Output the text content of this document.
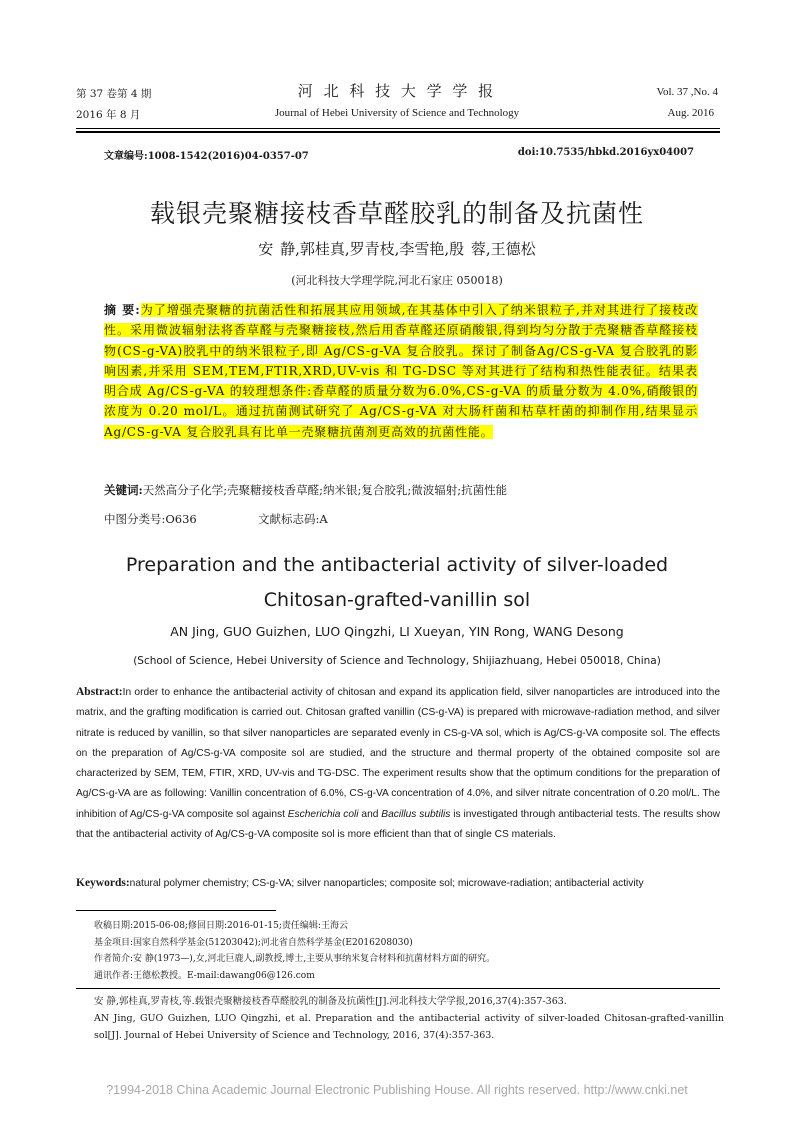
第 37 卷第 4 期
2016 年 8 月
河 北 科 技 大 学 学 报
Journal of Hebei University of Science and Technology
Vol. 37 ,No. 4
Aug. 2016
文章编号:1008-1542(2016)04-0357-07	doi:10.7535/hbkd.2016yx04007
载银壳聚糖接枝香草醛胶乳的制备及抗菌性
安 静,郭桂真,罗青枝,李雪艳,殷 蓉,王德松
(河北科技大学理学院,河北石家庄 050018)

摘 要:为了增强壳聚糖的抗菌活性和拓展其应用领域,在其基体中引入了纳米银粒子,并对其进行了接枝改性。采用微波辐射法将香草醛与壳聚糖接枝,然后用香草醛还原硝酸银,得到均匀分散于壳聚糖香草醛接枝物(CS-g-VA)胶乳中的纳米银粒子,即 Ag/CS-g-VA 复合胶乳。探讨了制备Ag/CS-g-VA 复合胶乳的影响因素,并采用 SEM,TEM,FTIR,XRD,UV-vis 和 TG-DSC 等对其进行了结构和热性能表征。结果表明合成 Ag/CS-g-VA 的较理想条件:香草醛的质量分数为6.0%,CS-g-VA 的质量分数为 4.0%,硝酸银的浓度为 0.20 mol/L。通过抗菌测试研究了 Ag/CS-g-VA 对大肠杆菌和枯草杆菌的抑制作用,结果显示 Ag/CS-g-VA 复合胶乳具有比单一壳聚糖抗菌剂更高效的抗菌性能。

关键词:天然高分子化学;壳聚糖接枝香草醛;纳米银;复合胶乳;微波辐射;抗菌性能
中图分类号:O636	文献标志码:A
Preparation and the antibacterial activity of silver-loaded
Chitosan-grafted-vanillin sol
AN Jing, GUO Guizhen, LUO Qingzhi, LI Xueyan, YIN Rong, WANG Desong
(School of Science, Hebei University of Science and Technology, Shijiazhuang, Hebei 050018, China)

Abstract:In order to enhance the antibacterial activity of chitosan and expand its application field, silver nanoparticles are introduced into the matrix, and the grafting modification is carried out. Chitosan grafted vanillin (CS-g-VA) is prepared with microwave-radiation method, and silver nitrate is reduced by vanillin, so that silver nanoparticles are separated evenly in CS-g-VA sol, which is Ag/CS-g-VA composite sol. The effects on the preparation of Ag/CS-g-VA composite sol are studied, and the structure and thermal property of the obtained composite sol are characterized by SEM, TEM, FTIR, XRD, UV-vis and TG-DSC. The experiment results show that the optimum conditions for the preparation of Ag/CS-g-VA are as following: Vanillin concentration of 6.0%, CS-g-VA concentration of 4.0%, and silver nitrate concentration of 0.20 mol/L. The inhibition of Ag/CS-g-VA composite sol against Escherichia coli and Bacillus subtilis is investigated through antibacterial tests. The results show that the antibacterial activity of Ag/CS-g-VA composite sol is more efficient than that of single CS materials.

Keywords:natural polymer chemistry; CS-g-VA; silver nanoparticles; composite sol; microwave-radiation; antibacterial activity
收稿日期:2015-06-08;修回日期:2016-01-15;责任编辑:王海云
基金项目:国家自然科学基金(51203042);河北省自然科学基金(E2016208030)
作者简介:安 静(1973—),女,河北巨鹿人,副教授,博士,主要从事纳米复合材料和抗菌材料方面的研究。
通讯作者:王德松教授。E-mail:dawang06@126.com
安 静,郭桂真,罗青枝,等.载银壳聚糖接枝香草醛胶乳的制备及抗菌性[J].河北科技大学学报,2016,37(4):357-363.

AN Jing, GUO Guizhen, LUO Qingzhi, et al. Preparation and the antibacterial activity of silver-loaded Chitosan-grafted-vanillin sol[J]. Journal of Hebei University of Science and Technology, 2016, 37(4):357-363.

?1994-2018 China Academic Journal Electronic Publishing House. All rights reserved. http://www.cnki.net
